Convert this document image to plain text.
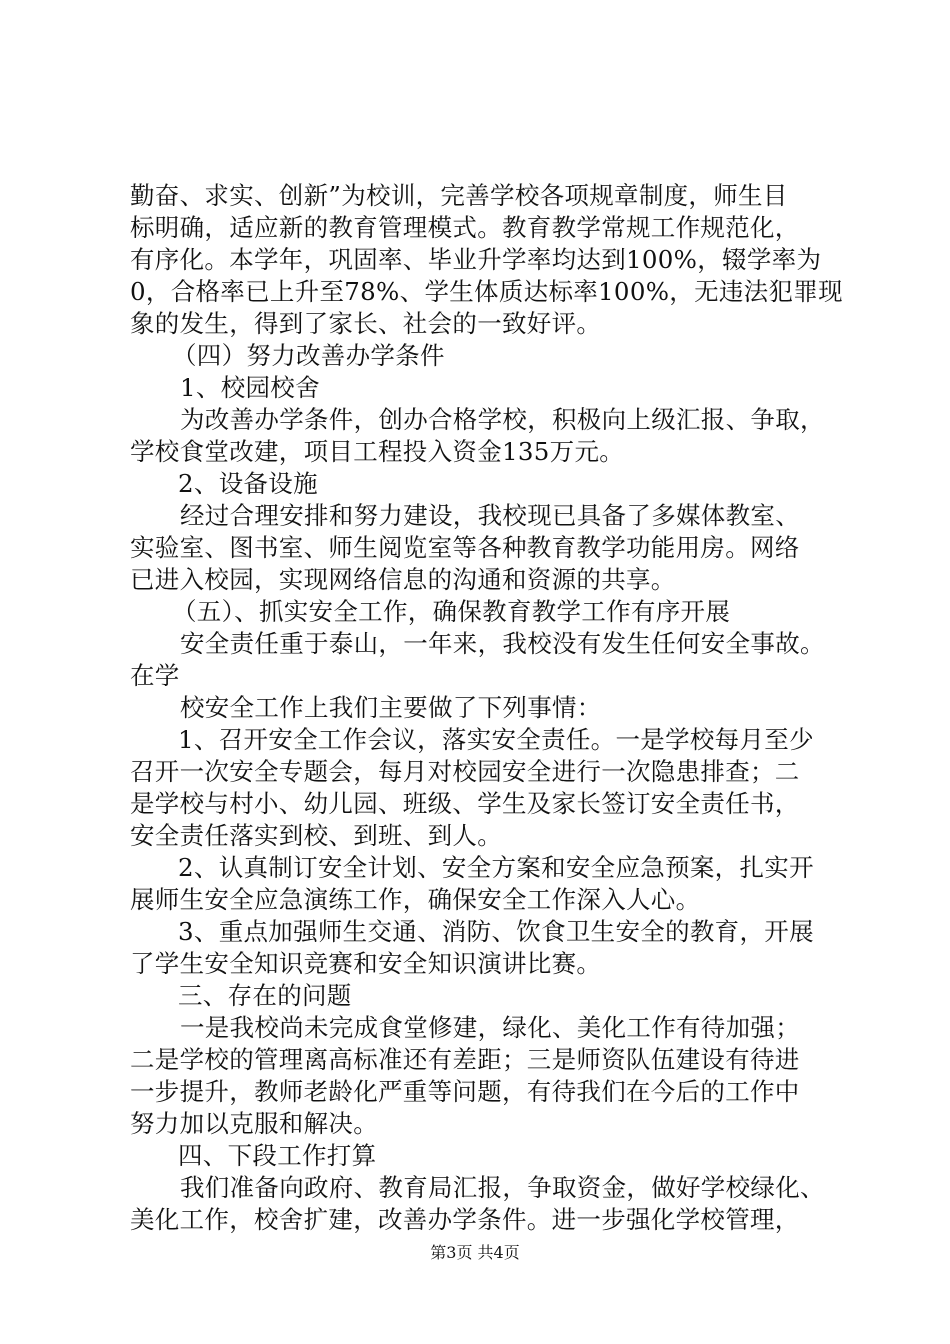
勤奋、求实、创新”为校训，完善学校各项规章制度，师生目
标明确，适应新的教育管理模式。教育教学常规工作规范化，
有序化。本学年，巩固率、毕业升学率均达到100%，辍学率为
0，合格率已上升至78%、学生体质达标率100%，无违法犯罪现
象的发生，得到了家长、社会的一致好评。
（四）努力改善办学条件
1、校园校舍
为改善办学条件，创办合格学校，积极向上级汇报、争取，
学校食堂改建，项目工程投入资金135万元。
2、设备设施
经过合理安排和努力建设，我校现已具备了多媒体教室、
实验室、图书室、师生阅览室等各种教育教学功能用房。网络
已进入校园，实现网络信息的沟通和资源的共享。
（五）、抓实安全工作，确保教育教学工作有序开展
安全责任重于泰山，一年来，我校没有发生任何安全事故。
在学
校安全工作上我们主要做了下列事情：
1、召开安全工作会议，落实安全责任。一是学校每月至少
召开一次安全专题会，每月对校园安全进行一次隐患排查；二
是学校与村小、幼儿园、班级、学生及家长签订安全责任书，
安全责任落实到校、到班、到人。
2、认真制订安全计划、安全方案和安全应急预案，扎实开
展师生安全应急演练工作，确保安全工作深入人心。
3、重点加强师生交通、消防、饮食卫生安全的教育，开展
了学生安全知识竞赛和安全知识演讲比赛。
三、存在的问题
一是我校尚未完成食堂修建，绿化、美化工作有待加强；
二是学校的管理离高标准还有差距；三是师资队伍建设有待进
一步提升，教师老龄化严重等问题，有待我们在今后的工作中
努力加以克服和解决。
四、下段工作打算
我们准备向政府、教育局汇报，争取资金，做好学校绿化、
美化工作，校舍扩建，改善办学条件。进一步强化学校管理，
第3页 共4页
